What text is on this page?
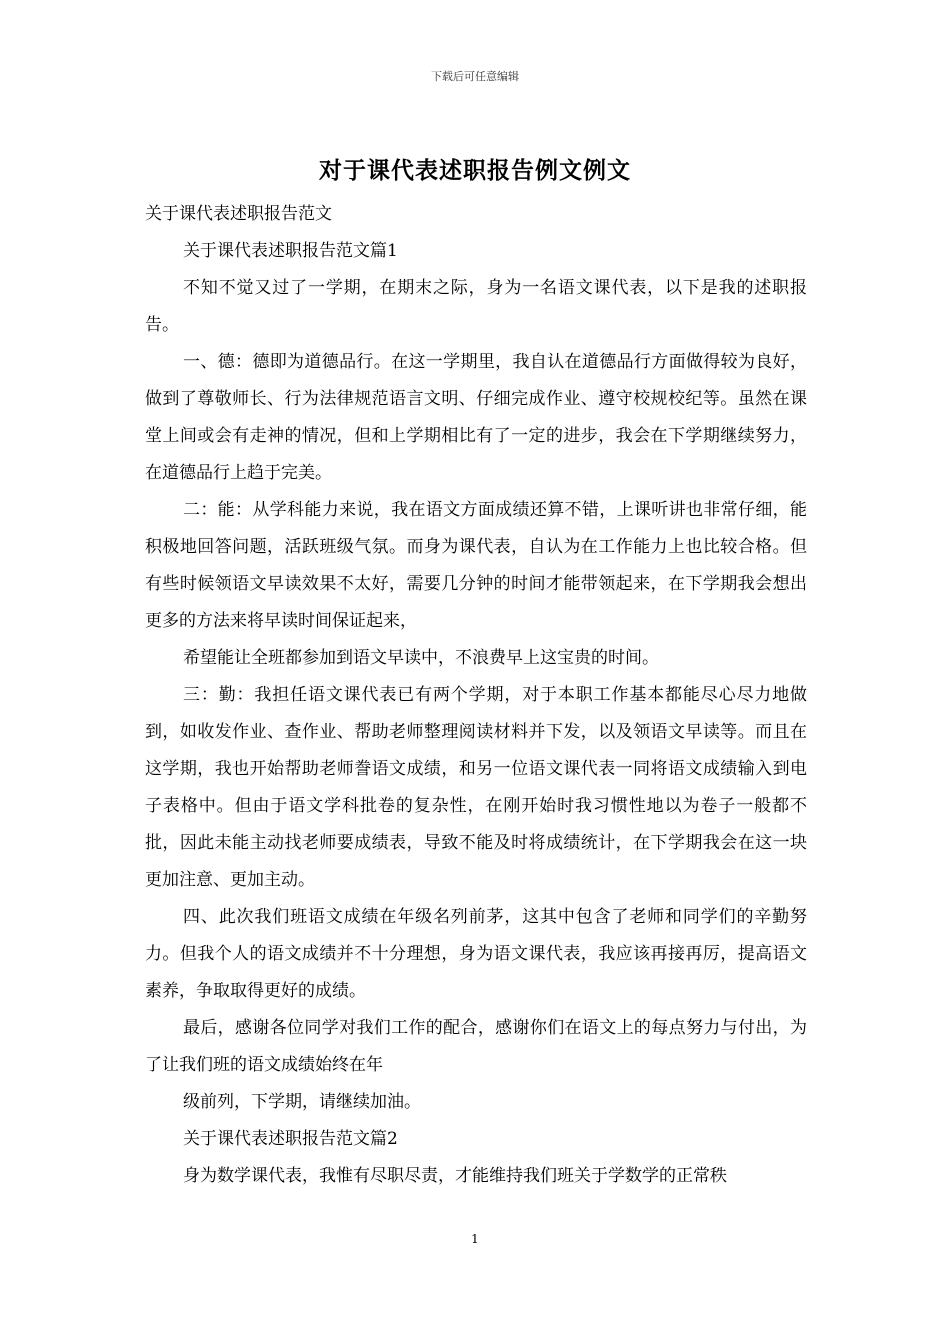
下载后可任意编辑
对于课代表述职报告例文例文

关于课代表述职报告范文

关于课代表述职报告范文篇1

不知不觉又过了一学期，在期末之际，身为一名语文课代表，以下是我的述职报告。

一、德：德即为道德品行。在这一学期里，我自认在道德品行方面做得较为良好，做到了尊敬师长、行为法律规范语言文明、仔细完成作业、遵守校规校纪等。虽然在课堂上间或会有走神的情况，但和上学期相比有了一定的进步，我会在下学期继续努力，在道德品行上趋于完美。

二：能：从学科能力来说，我在语文方面成绩还算不错，上课听讲也非常仔细，能积极地回答问题，活跃班级气氛。而身为课代表，自认为在工作能力上也比较合格。但有些时候领语文早读效果不太好，需要几分钟的时间才能带领起来，在下学期我会想出更多的方法来将早读时间保证起来，

希望能让全班都参加到语文早读中，不浪费早上这宝贵的时间。

三：勤：我担任语文课代表已有两个学期，对于本职工作基本都能尽心尽力地做到，如收发作业、查作业、帮助老师整理阅读材料并下发，以及领语文早读等。而且在这学期，我也开始帮助老师誊语文成绩，和另一位语文课代表一同将语文成绩输入到电子表格中。但由于语文学科批卷的复杂性，在刚开始时我习惯性地以为卷子一般都不批，因此未能主动找老师要成绩表，导致不能及时将成绩统计，在下学期我会在这一块更加注意、更加主动。

四、此次我们班语文成绩在年级名列前茅，这其中包含了老师和同学们的辛勤努力。但我个人的语文成绩并不十分理想，身为语文课代表，我应该再接再厉，提高语文素养，争取取得更好的成绩。

最后，感谢各位同学对我们工作的配合，感谢你们在语文上的每点努力与付出，为了让我们班的语文成绩始终在年

级前列，下学期，请继续加油。

关于课代表述职报告范文篇2

身为数学课代表，我惟有尽职尽责，才能维持我们班关于学数学的正常秩

1
